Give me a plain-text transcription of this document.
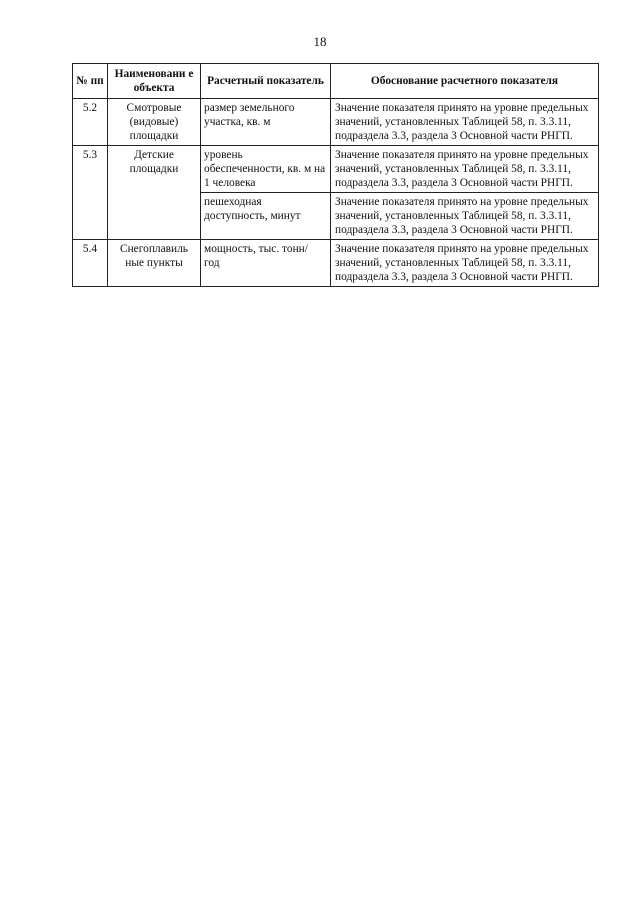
18
№ пп	Наименовани е объекта	Расчетный показатель	Обоснование расчетного показателя
5.2	Смотровые (видовые) площадки	размер земельного участка, кв. м	Значение показателя принято на уровне предельных значений, установленных Таблицей 58, п. 3.3.11, подраздела 3.3, раздела 3 Основной части РНГП.
5.3	Детские площадки	уровень обеспеченности, кв. м на 1 человека	Значение показателя принято на уровне предельных значений, установленных Таблицей 58, п. 3.3.11, подраздела 3.3, раздела 3 Основной части РНГП.
		пешеходная доступность, минут	Значение показателя принято на уровне предельных значений, установленных Таблицей 58, п. 3.3.11, подраздела 3.3, раздела 3 Основной части РНГП.
5.4	Снегоплавиль ные пункты	мощность, тыс. тонн/ год	Значение показателя принято на уровне предельных значений, установленных Таблицей 58, п. 3.3.11, подраздела 3.3, раздела 3 Основной части РНГП.
